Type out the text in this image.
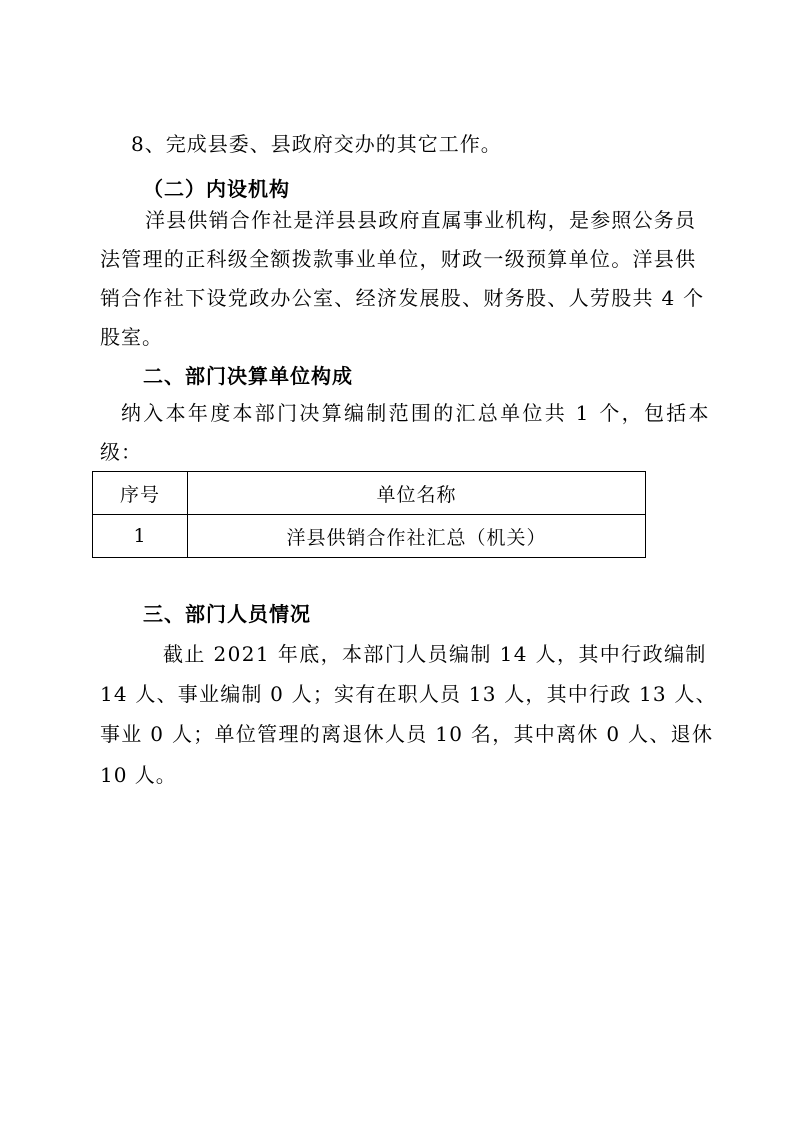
8、完成县委、县政府交办的其它工作。

（二）内设机构

洋县供销合作社是洋县县政府直属事业机构，是参照公务员

法管理的正科级全额拨款事业单位，财政一级预算单位。洋县供

销合作社下设党政办公室、经济发展股、财务股、人劳股共 4 个

股室。

二、部门决算单位构成

纳入本年度本部门决算编制范围的汇总单位共 1 个，包括本

级：

序号	单位名称
1	洋县供销合作社汇总（机关）

三、部门人员情况

截止 2021 年底，本部门人员编制 14 人，其中行政编制

14 人、事业编制 0 人；实有在职人员 13 人，其中行政 13 人、

事业 0 人；单位管理的离退休人员 10 名，其中离休 0 人、退休

10 人。
